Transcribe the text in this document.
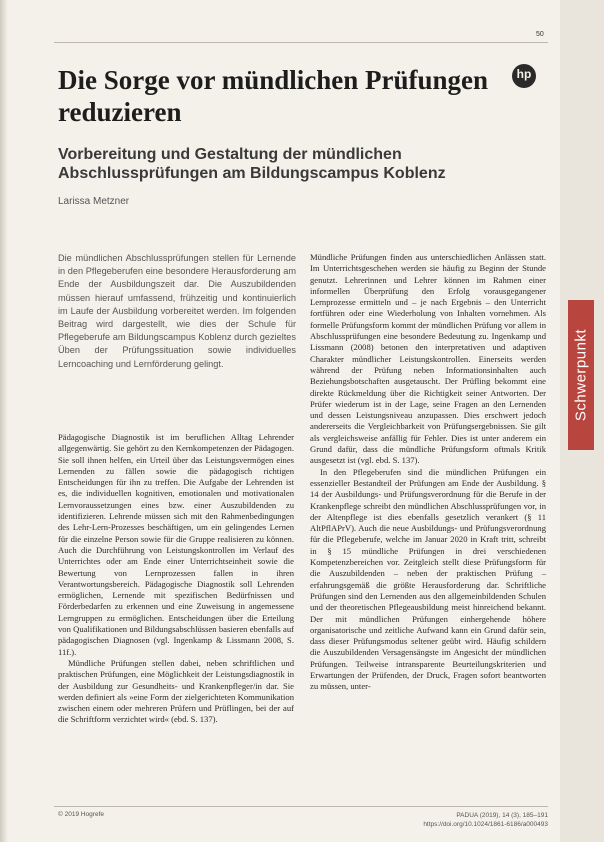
Schwerpunkt
50
Die Sorge vor mündlichen Prüfungen reduzieren
hp
Vorbereitung und Gestaltung der mündlichen Abschlussprüfungen am Bildungscampus Koblenz
Larissa Metzner

Die mündlichen Abschlussprüfungen stellen für Lernende in den Pflegeberufen eine besondere Herausforderung am Ende der Ausbildungszeit dar. Die Auszubildenden müssen hierauf umfassend, frühzeitig und kontinuierlich im Laufe der Ausbildung vorbereitet werden. Im folgenden Beitrag wird dargestellt, wie dies der Schule für Pflegeberufe am Bildungscampus Koblenz durch gezieltes Üben der Prüfungssituation sowie individuelles Lerncoaching und Lernförderung gelingt.

Pädagogische Diagnostik ist im beruflichen Alltag Lehrender allgegenwärtig. Sie gehört zu den Kernkompetenzen der Pädagogen. Sie soll ihnen helfen, ein Urteil über das Leistungsvermögen eines Lernenden zu fällen sowie die pädagogisch richtigen Entscheidungen für ihn zu treffen. Die Aufgabe der Lehrenden ist es, die individuellen kognitiven, emotionalen und motivationalen Lernvoraussetzungen eines bzw. einer Auszubildenden zu identifizieren. Lehrende müssen sich mit den Rahmenbedingungen des Lehr-Lern-Prozesses beschäftigen, um ein gelingendes Lernen für die einzelne Person sowie für die Gruppe realisieren zu können. Auch die Durchführung von Leistungskontrollen im Verlauf des Unterrichtes oder am Ende einer Unterrichtseinheit sowie die Bewertung von Lernprozessen fallen in ihren Verantwortungsbereich. Pädagogische Diagnostik soll Lehrenden ermöglichen, Lernende mit spezifischen Bedürfnissen und Förderbedarfen zu erkennen und eine Zuweisung in angemessene Lerngruppen zu ermöglichen. Entscheidungen über die Erteilung von Qualifikationen und Bildungsabschlüssen basieren ebenfalls auf pädagogischen Diagnosen (vgl. Ingenkamp & Lissmann 2008, S. 11f.).

Mündliche Prüfungen stellen dabei, neben schriftlichen und praktischen Prüfungen, eine Möglichkeit der Leistungsdiagnostik in der Ausbildung zur Gesundheits- und Krankenpfleger/in dar. Sie werden definiert als »eine Form der zielgerichteten Kommunikation zwischen einem oder mehreren Prüfern und Prüflingen, bei der auf die Schriftform verzichtet wird« (ebd. S. 137).

Mündliche Prüfungen finden aus unterschiedlichen Anlässen statt. Im Unterrichtsgeschehen werden sie häufig zu Beginn der Stunde genutzt. Lehrerinnen und Lehrer können im Rahmen einer informellen Überprüfung den Erfolg vorausgegangener Lernprozesse ermitteln und – je nach Ergebnis – den Unterricht fortführen oder eine Wiederholung von Inhalten vornehmen. Als formelle Prüfungsform kommt der mündlichen Prüfung vor allem in Abschlussprüfungen eine besondere Bedeutung zu. Ingenkamp und Lissmann (2008) betonen den interpretativen und adaptiven Charakter mündlicher Leistungskontrollen. Einerseits werden während der Prüfung neben Informationsinhalten auch Beziehungsbotschaften ausgetauscht. Der Prüfling bekommt eine direkte Rückmeldung über die Richtigkeit seiner Antworten. Der Prüfer wiederum ist in der Lage, seine Fragen an den Lernenden und dessen Leistungsniveau anzupassen. Dies erschwert jedoch andererseits die Vergleichbarkeit von Prüfungsergebnissen. Sie gilt als vergleichsweise anfällig für Fehler. Dies ist unter anderem ein Grund dafür, dass die mündliche Prüfungsform oftmals Kritik ausgesetzt ist (vgl. ebd. S. 137).

In den Pflegeberufen sind die mündlichen Prüfungen ein essenzieller Bestandteil der Prüfungen am Ende der Ausbildung. § 14 der Ausbildungs- und Prüfungsverordnung für die Berufe in der Krankenpflege schreibt den mündlichen Abschlussprüfungen vor, in der Altenpflege ist dies ebenfalls gesetzlich verankert (§ 11 AltPflAPrV). Auch die neue Ausbildungs- und Prüfungsverordnung für die Pflegeberufe, welche im Januar 2020 in Kraft tritt, schreibt in § 15 mündliche Prüfungen in drei verschiedenen Kompetenzbereichen vor. Zeitgleich stellt diese Prüfungsform für die Auszubildenden – neben der praktischen Prüfung – erfahrungsgemäß die größte Herausforderung dar. Schriftliche Prüfungen sind den Lernenden aus den allgemeinbildenden Schulen und der theoretischen Pflegeausbildung meist hinreichend bekannt. Der mit mündlichen Prüfungen einhergehende höhere organisatorische und zeitliche Aufwand kann ein Grund dafür sein, dass dieser Prüfungsmodus seltener geübt wird. Häufig schildern die Auszubildenden Versagensängste im Angesicht der mündlichen Prüfungen. Teilweise intransparente Beurteilungskriterien und Erwartungen der Prüfenden, der Druck, Fragen sofort beantworten zu müssen, unter-

© 2019 Hogrefe	PADUA (2019), 14 (3), 185–191
https://doi.org/10.1024/1861-6186/a000493
